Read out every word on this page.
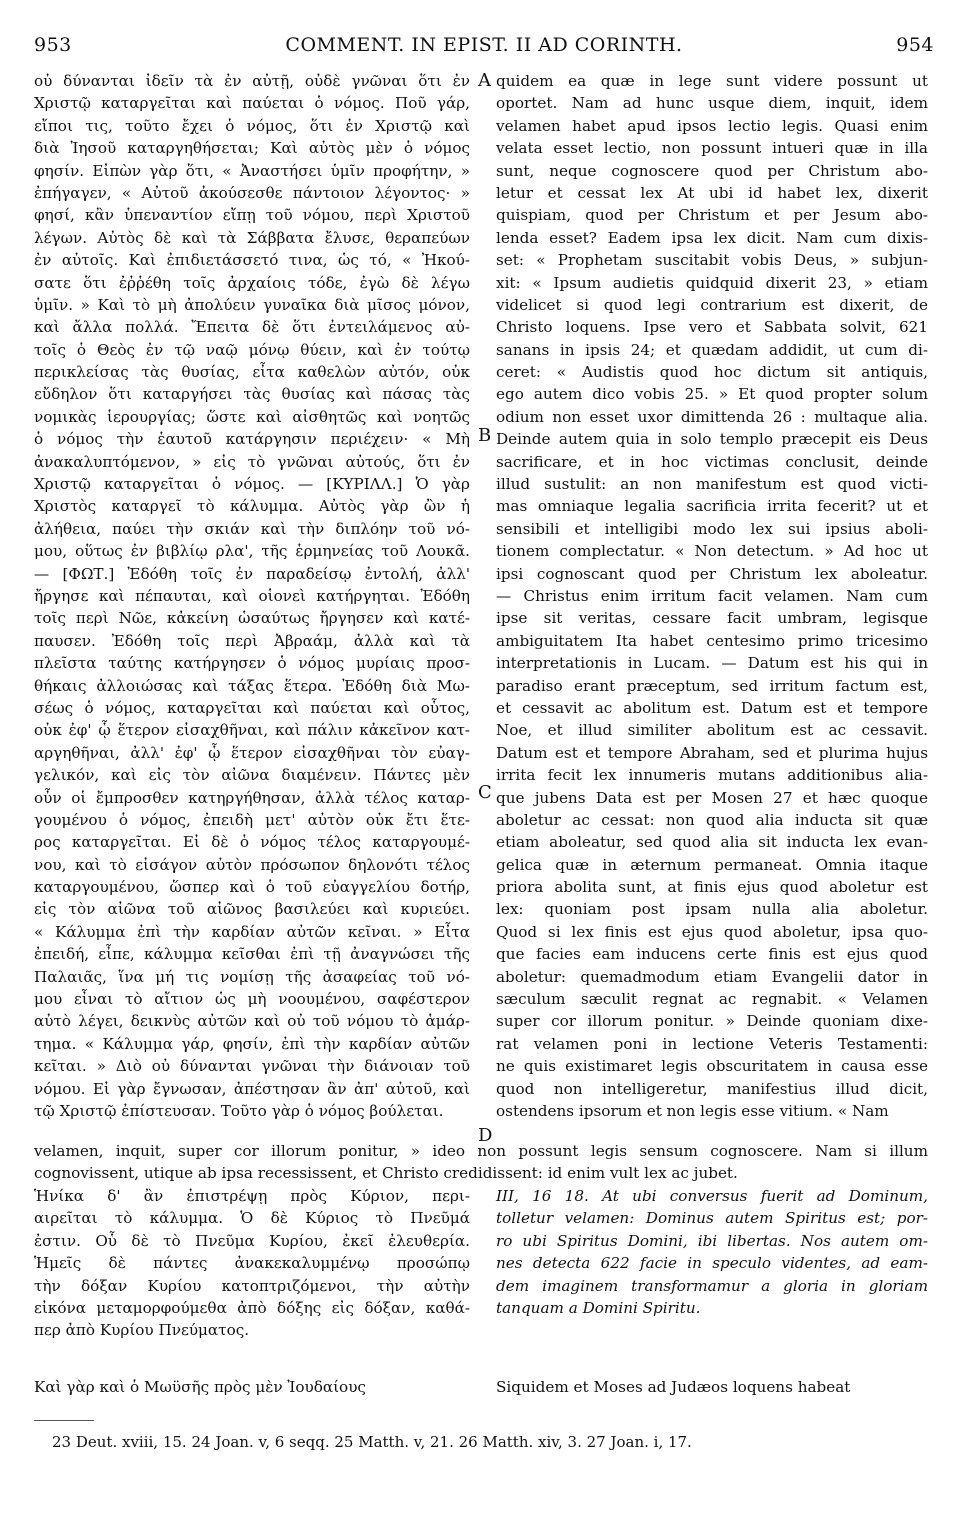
953	COMMENT. IN EPIST. II AD CORINTH.	954
A
B
C
D
οὐ δύνανται ἰδεῖν τὰ ἐν αὐτῇ, οὐδὲ γνῶναι ὅτι ἐν
Χριστῷ καταργεῖται καὶ παύεται ὁ νόμος. Ποῦ γάρ,
εἴποι τις, τοῦτο ἔχει ὁ νόμος, ὅτι ἐν Χριστῷ καὶ
διὰ Ἰησοῦ καταργηθήσεται; Καὶ αὐτὸς μὲν ὁ νόμος
φησίν. Εἰπὼν γὰρ ὅτι, « Ἀναστήσει ὑμῖν προφήτην, »
ἐπήγαγεν, « Αὐτοῦ ἀκούσεσθε πάντοιον λέγοντος· »
φησί, κἂν ὑπεναντίον εἴπῃ τοῦ νόμου, περὶ Χριστοῦ
λέγων. Αὐτὸς δὲ καὶ τὰ Σάββατα ἔλυσε, θεραπεύων
ἐν αὐτοῖς. Καὶ ἐπιδιετάσσετό τινα, ὡς τό, « Ἠκού-
σατε ὅτι ἐῤῥέθη τοῖς ἀρχαίοις τόδε, ἐγὼ δὲ λέγω
ὑμῖν. » Καὶ τὸ μὴ ἀπολύειν γυναῖκα διὰ μῖσος μόνον,
καὶ ἄλλα πολλά. Ἔπειτα δὲ ὅτι ἐντειλάμενος αὐ-
τοῖς ὁ Θεὸς ἐν τῷ ναῷ μόνῳ θύειν, καὶ ἐν τούτῳ
περικλείσας τὰς θυσίας, εἶτα καθελὼν αὐτόν, οὐκ
εὔδηλον ὅτι καταργήσει τὰς θυσίας καὶ πάσας τὰς
νομικὰς ἱερουργίας; ὥστε καὶ αἰσθητῶς καὶ νοητῶς
ὁ νόμος τὴν ἑαυτοῦ κατάργησιν περιέχειν· « Μὴ
ἀνακαλυπτόμενον, » εἰς τὸ γνῶναι αὐτούς, ὅτι ἐν
Χριστῷ καταργεῖται ὁ νόμος. — [ΚΥΡΙΛΛ.] Ὁ γὰρ
Χριστὸς καταργεῖ τὸ κάλυμμα. Αὐτὸς γὰρ ὢν ἡ
ἀλήθεια, παύει τὴν σκιάν καὶ τὴν διπλόην τοῦ νό-
μου, οὕτως ἐν βιβλίῳ ρλα', τῆς ἑρμηνείας τοῦ Λουκᾶ.
— [ΦΩΤ.] Ἐδόθη τοῖς ἐν παραδείσῳ ἐντολή, ἀλλ'
ἤργησε καὶ πέπαυται, καὶ οἱονεὶ κατήργηται. Ἐδόθη
τοῖς περὶ Νῶε, κἀκείνη ὡσαύτως ἤργησεν καὶ κατέ-
παυσεν. Ἐδόθη τοῖς περὶ Ἀβραάμ, ἀλλὰ καὶ τὰ
πλεῖστα ταύτης κατήργησεν ὁ νόμος μυρίαις προσ-
θήκαις ἀλλοιώσας καὶ τάξας ἕτερα. Ἐδόθη διὰ Μω-
σέως ὁ νόμος, καταργεῖται καὶ παύεται καὶ οὗτος,
οὐκ ἐφ' ᾧ ἕτερον εἰσαχθῆναι, καὶ πάλιν κἀκεῖνον κατ-
αργηθῆναι, ἀλλ' ἐφ' ᾧ ἕτερον εἰσαχθῆναι τὸν εὐαγ-
γελικόν, καὶ εἰς τὸν αἰῶνα διαμένειν. Πάντες μὲν
οὖν οἱ ἔμπροσθεν κατηργήθησαν, ἀλλὰ τέλος καταρ-
γουμένου ὁ νόμος, ἐπειδὴ μετ' αὐτὸν οὐκ ἔτι ἕτε-
ρος καταργεῖται. Εἰ δὲ ὁ νόμος τέλος καταργουμέ-
νου, καὶ τὸ εἰσάγον αὐτὸν πρόσωπον δηλονότι τέλος
καταργουμένου, ὥσπερ καὶ ὁ τοῦ εὐαγγελίου δοτήρ,
εἰς τὸν αἰῶνα τοῦ αἰῶνος βασιλεύει καὶ κυριεύει.
« Κάλυμμα ἐπὶ τὴν καρδίαν αὐτῶν κεῖναι. » Εἶτα
ἐπειδή, εἶπε, κάλυμμα κεῖσθαι ἐπὶ τῇ ἀναγνώσει τῆς
Παλαιᾶς, ἵνα μή τις νομίσῃ τῆς ἀσαφείας τοῦ νό-
μου εἶναι τὸ αἴτιον ὡς μὴ νοουμένου, σαφέστερον
αὐτὸ λέγει, δεικνὺς αὐτῶν καὶ οὐ τοῦ νόμου τὸ ἁμάρ-
τημα. « Κάλυμμα γάρ, φησίν, ἐπὶ τὴν καρδίαν αὐτῶν
κεῖται. » Διὸ οὐ δύνανται γνῶναι τὴν διάνοιαν τοῦ
νόμου. Εἰ γὰρ ἔγνωσαν, ἀπέστησαν ἂν ἀπ' αὐτοῦ, καὶ
τῷ Χριστῷ ἐπίστευσαν. Τοῦτο γὰρ ὁ νόμος βούλεται.
quidem ea quæ in lege sunt videre possunt ut
oportet. Nam ad hunc usque diem, inquit, idem
velamen habet apud ipsos lectio legis. Quasi enim
velata esset lectio, non possunt intueri quæ in illa
sunt, neque cognoscere quod per Christum abo-
letur et cessat lex At ubi id habet lex, dixerit
quispiam, quod per Christum et per Jesum abo-
lenda esset? Eadem ipsa lex dicit. Nam cum dixis-
set: « Prophetam suscitabit vobis Deus, » subjun-
xit: « Ipsum audietis quidquid dixerit 23, » etiam
videlicet si quod legi contrarium est dixerit, de
Christo loquens. Ipse vero et Sabbata solvit, 621
sanans in ipsis 24; et quædam addidit, ut cum di-
ceret: « Audistis quod hoc dictum sit antiquis,
ego autem dico vobis 25. » Et quod propter solum
odium non esset uxor dimittenda 26 : multaque alia.
Deinde autem quia in solo templo præcepit eis Deus
sacrificare, et in hoc victimas conclusit, deinde
illud sustulit: an non manifestum est quod victi-
mas omniaque legalia sacrificia irrita fecerit? ut et
sensibili et intelligibi modo lex sui ipsius aboli-
tionem complectatur. « Non detectum. » Ad hoc ut
ipsi cognoscant quod per Christum lex aboleatur.
— Christus enim irritum facit velamen. Nam cum
ipse sit veritas, cessare facit umbram, legisque
ambiguitatem Ita habet centesimo primo tricesimo
interpretationis in Lucam. — Datum est his qui in
paradiso erant præceptum, sed irritum factum est,
et cessavit ac abolitum est. Datum est et tempore
Noe, et illud similiter abolitum est ac cessavit.
Datum est et tempore Abraham, sed et plurima hujus
irrita fecit lex innumeris mutans additionibus alia-
que jubens Data est per Mosen 27 et hæc quoque
aboletur ac cessat: non quod alia inducta sit quæ
etiam aboleatur, sed quod alia sit inducta lex evan-
gelica quæ in æternum permaneat. Omnia itaque
priora abolita sunt, at finis ejus quod aboletur est
lex: quoniam post ipsam nulla alia aboletur.
Quod si lex finis est ejus quod aboletur, ipsa quo-
que facies eam inducens certe finis est ejus quod
aboletur: quemadmodum etiam Evangelii dator in
sæculum sæculit regnat ac regnabit. « Velamen
super cor illorum ponitur. » Deinde quoniam dixe-
rat velamen poni in lectione Veteris Testamenti:
ne quis existimaret legis obscuritatem in causa esse
quod non intelligeretur, manifestius illud dicit,
ostendens ipsorum et non legis esse vitium. « Nam
velamen, inquit, super cor illorum ponitur, » ideo non possunt legis sensum cognoscere. Nam si illum
cognovissent, utique ab ipsa recessissent, et Christo credidissent: id enim vult lex ac jubet.
Ἡνίκα δ' ἂν ἐπιστρέψῃ πρὸς Κύριον, περι-
αιρεῖται τὸ κάλυμμα. Ὁ δὲ Κύριος τὸ Πνεῦμά
ἐστιν. Οὗ δὲ τὸ Πνεῦμα Κυρίου, ἐκεῖ ἐλευθερία.
Ἡμεῖς δὲ πάντες ἀνακεκαλυμμένῳ προσώπῳ
τὴν δόξαν Κυρίου κατοπτριζόμενοι, τὴν αὐτὴν
εἰκόνα μεταμορφούμεθα ἀπὸ δόξης εἰς δόξαν, καθά-
περ ἀπὸ Κυρίου Πνεύματος.
III, 16 18. At ubi conversus fuerit ad Dominum,
tolletur velamen: Dominus autem Spiritus est; por-
ro ubi Spiritus Domini, ibi libertas. Nos autem om-
nes detecta 622 facie in speculo videntes, ad eam-
dem imaginem transformamur a gloria in gloriam
tanquam a Domini Spiritu.
Καὶ γὰρ καὶ ὁ Μωϋσῆς πρὸς μὲν Ἰουδαίους	Siquidem et Moses ad Judæos loquens habeat
23 Deut. xviii, 15. 24 Joan. v, 6 seqq. 25 Matth. v, 21. 26 Matth. xiv, 3. 27 Joan. i, 17.
